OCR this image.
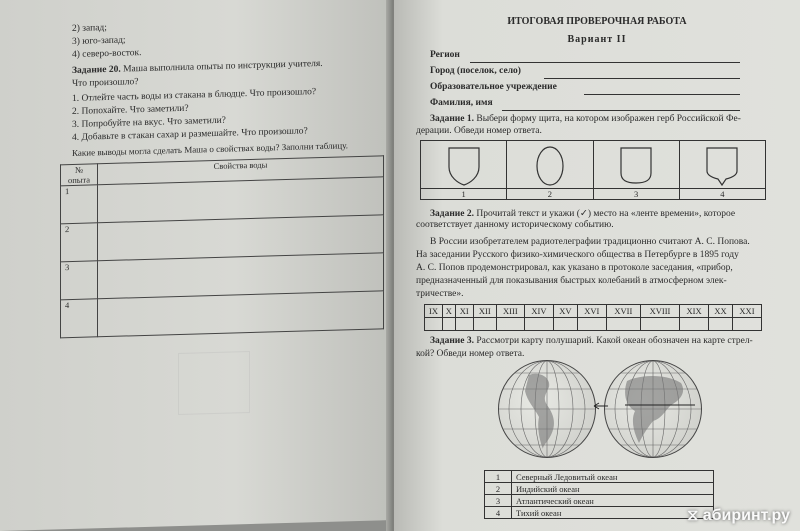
2) запад;
3) юго-запад;
4) северо-восток.
Задание 20. Маша выполнила опыты по инструкции учителя.
Что произошло?
1. Отлейте часть воды из стакана в блюдце. Что произошло?
2. Попохайте. Что заметили?
3. Попробуйте на вкус. Что заметили?
4. Добавьте в стакан сахар и размешайте. Что произошло?
Какие выводы могла сделать Маша о свойствах воды? Заполни таблицу.
№ опыта	Свойства воды
1	
2	
3	
4	
ИТОГОВАЯ ПРОВЕРОЧНАЯ РАБОТА
Вариант II
Регион
Город (поселок, село)
Образовательное учреждение
Фамилия, имя
Задание 1. Выбери форму щита, на котором изображен герб Российской Фе-
дерации. Обведи номер ответа.
1	2	3	4
Задание 2. Прочитай текст и укажи (✓) место на «ленте времени», которое
соответствует данному историческому событию.
В России изобретателем радиотелеграфии традиционно считают А. С. Попова.
На заседании Русского физико-химического общества в Петербурге в 1895 году
А. С. Попов продемонстрировал, как указано в протоколе заседания, «прибор,
предназначенный для показывания быстрых колебаний в атмосферном элек-
тричестве».
IX	X	XI	XII	XIII	XIV	XV	XVI	XVII	XVIII	XIX	XX	XXI

Задание 3. Рассмотри карту полушарий. Какой океан обозначен на карте стрел-
кой? Обведи номер ответа.
1	Северный Ледовитый океан
2	Индийский океан
3	Атлантический океан
4	Тихий океан	⧖ абиринт.ру
